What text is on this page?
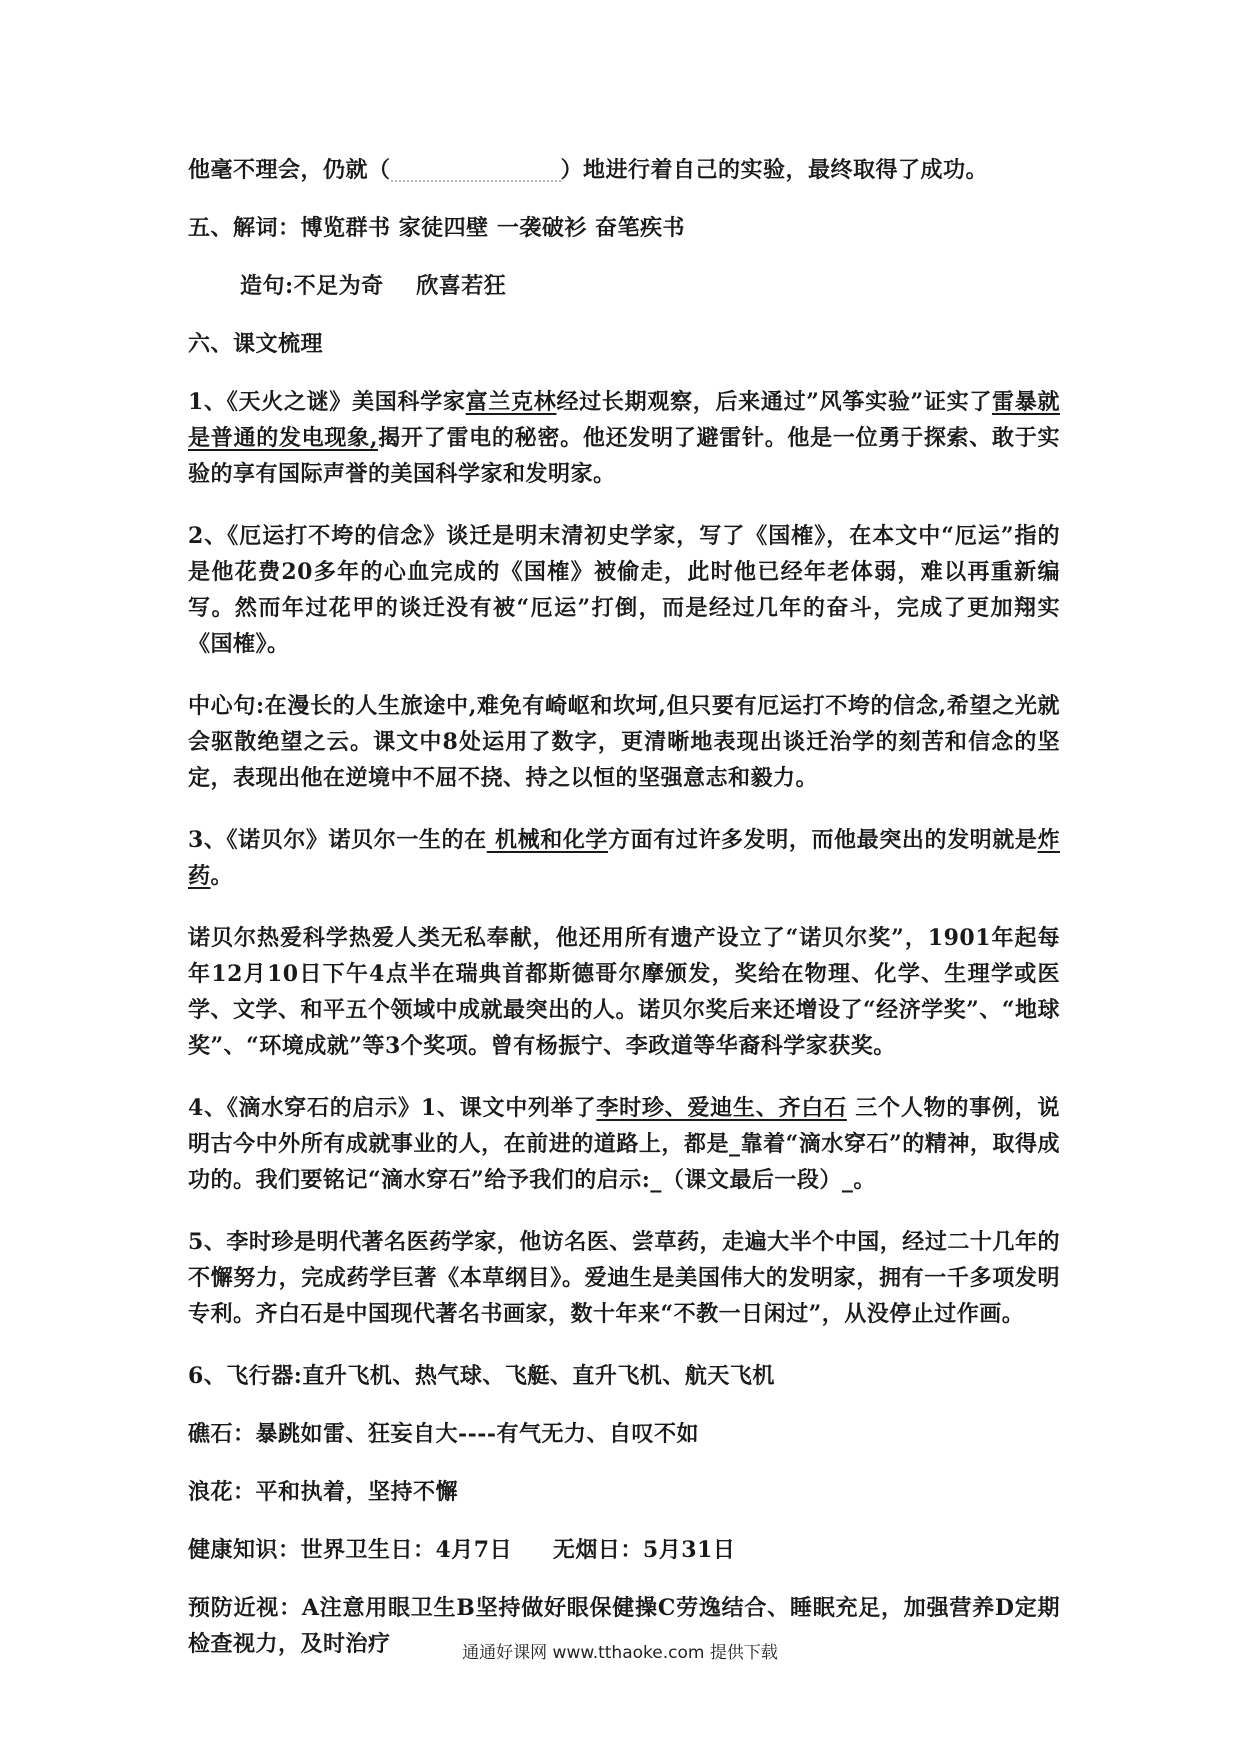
他毫不理会，仍就（	）地进行着自己的实验，最终取得了成功。

五、解词：博览群书 家徒四壁 一袭破衫 奋笔疾书

造句:不足为奇    欣喜若狂

六、课文梳理

1、《天火之谜》美国科学家富兰克林经过长期观察，后来通过”风筝实验”证实了雷暴就是普通的发电现象,揭开了雷电的秘密。他还发明了避雷针。他是一位勇于探索、敢于实验的享有国际声誉的美国科学家和发明家。

2、《厄运打不垮的信念》谈迁是明末清初史学家，写了《国榷》，在本文中“厄运”指的是他花费20多年的心血完成的《国榷》被偷走，此时他已经年老体弱，难以再重新编写。然而年过花甲的谈迁没有被“厄运”打倒，而是经过几年的奋斗，完成了更加翔实《国榷》。

中心句:在漫长的人生旅途中,难免有崎岖和坎坷,但只要有厄运打不垮的信念,希望之光就会驱散绝望之云。课文中8处运用了数字，更清晰地表现出谈迁治学的刻苦和信念的坚定，表现出他在逆境中不屈不挠、持之以恒的坚强意志和毅力。

3、《诺贝尔》诺贝尔一生的在 机械和化学方面有过许多发明，而他最突出的发明就是炸药。

诺贝尔热爱科学热爱人类无私奉献，他还用所有遗产设立了“诺贝尔奖”，1901年起每年12月10日下午4点半在瑞典首都斯德哥尔摩颁发，奖给在物理、化学、生理学或医学、文学、和平五个领域中成就最突出的人。诺贝尔奖后来还增设了“经济学奖”、“地球奖”、“环境成就”等3个奖项。曾有杨振宁、李政道等华裔科学家获奖。

4、《滴水穿石的启示》1、课文中列举了李时珍、爱迪生、齐白石 三个人物的事例，说明古今中外所有成就事业的人，在前进的道路上，都是_靠着“滴水穿石”的精神，取得成功的。我们要铭记“滴水穿石”给予我们的启示:_（课文最后一段）_。

5、李时珍是明代著名医药学家，他访名医、尝草药，走遍大半个中国，经过二十几年的不懈努力，完成药学巨著《本草纲目》。爱迪生是美国伟大的发明家，拥有一千多项发明专利。齐白石是中国现代著名书画家，数十年来“不教一日闲过”，从没停止过作画。

6、飞行器:直升飞机、热气球、飞艇、直升飞机、航天飞机

礁石：暴跳如雷、狂妄自大----有气无力、自叹不如

浪花：平和执着，坚持不懈

健康知识：世界卫生日：4月7日     无烟日：5月31日

预防近视：A注意用眼卫生B坚持做好眼保健操C劳逸结合、睡眠充足，加强营养D定期检查视力，及时治疗	通通好课网 www.tthaoke.com 提供下载
